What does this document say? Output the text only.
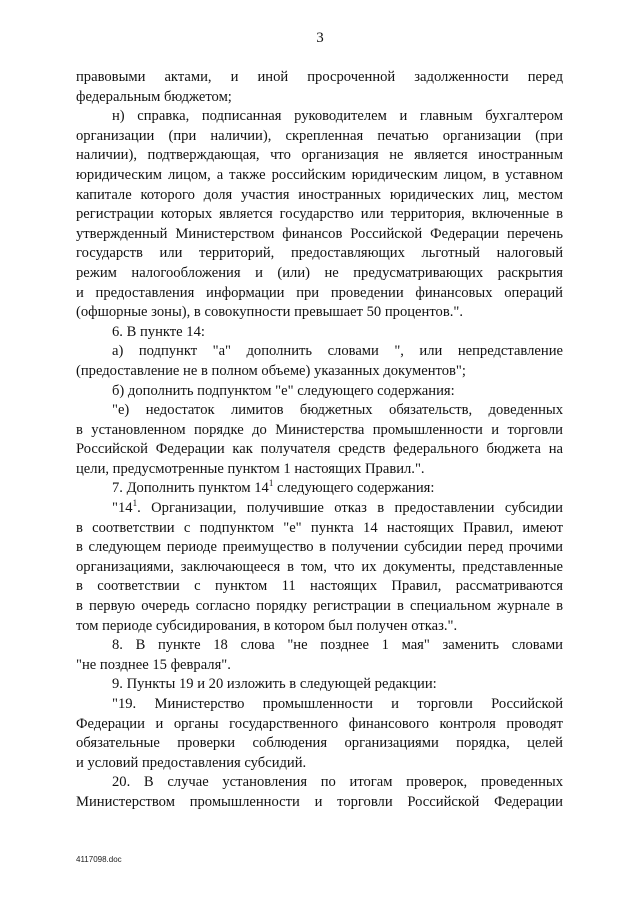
3
правовыми актами, и иной просроченной задолженности перед
федеральным бюджетом;
н) справка, подписанная руководителем и главным бухгалтером
организации (при наличии), скрепленная печатью организации (при
наличии), подтверждающая, что организация не является иностранным
юридическим лицом, а также российским юридическим лицом, в уставном
капитале которого доля участия иностранных юридических лиц, местом
регистрации которых является государство или территория, включенные в
утвержденный Министерством финансов Российской Федерации перечень
государств или территорий, предоставляющих льготный налоговый
режим налогообложения и (или) не предусматривающих раскрытия
и предоставления информации при проведении финансовых операций
(офшорные зоны), в совокупности превышает 50 процентов.".
6. В пункте 14:
а) подпункт "а" дополнить словами ", или непредставление
(предоставление не в полном объеме) указанных документов";
б) дополнить подпунктом "е" следующего содержания:
"е) недостаток лимитов бюджетных обязательств, доведенных
в установленном порядке до Министерства промышленности и торговли
Российской Федерации как получателя средств федерального бюджета на
цели, предусмотренные пунктом 1 настоящих Правил.".
7. Дополнить пунктом $14^1$ следующего содержания:
"$14^1$. Организации, получившие отказ в предоставлении субсидии
в соответствии с подпунктом "е" пункта 14 настоящих Правил, имеют
в следующем периоде преимущество в получении субсидии перед прочими
организациями, заключающееся в том, что их документы, представленные
в соответствии с пунктом 11 настоящих Правил, рассматриваются
в первую очередь согласно порядку регистрации в специальном журнале в
том периоде субсидирования, в котором был получен отказ.".
8. В пункте 18 слова "не позднее 1 мая" заменить словами
"не позднее 15 февраля".
9. Пункты 19 и 20 изложить в следующей редакции:
"19. Министерство промышленности и торговли Российской
Федерации и органы государственного финансового контроля проводят
обязательные проверки соблюдения организациями порядка, целей
и условий предоставления субсидий.
20. В случае установления по итогам проверок, проведенных
Министерством промышленности и торговли Российской Федерации
4117098.doc
